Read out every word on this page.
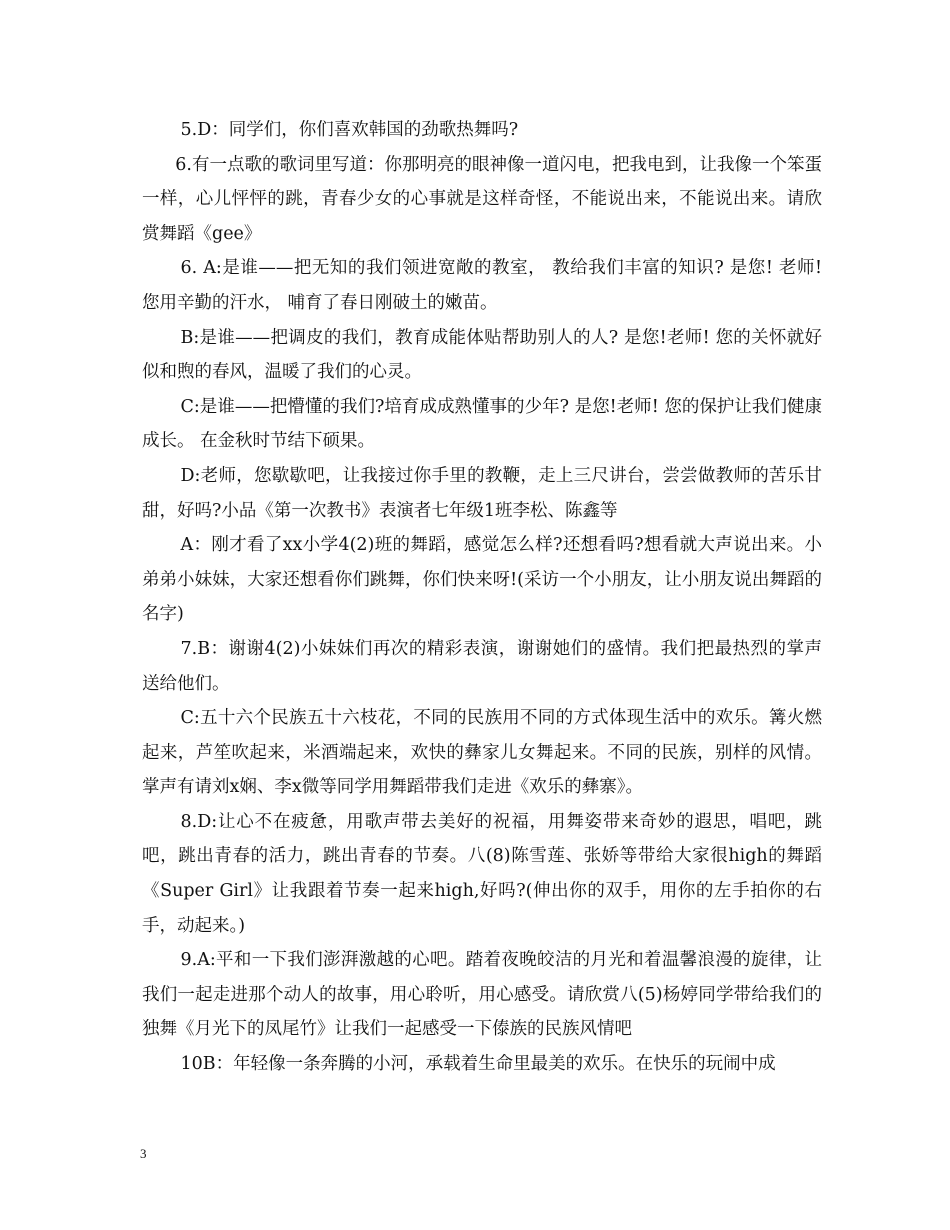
5.D：同学们，你们喜欢韩国的劲歌热舞吗?

6.有一点歌的歌词里写道：你那明亮的眼神像一道闪电，把我电到，让我像一个笨蛋一样，心儿怦怦的跳，青春少女的心事就是这样奇怪，不能说出来，不能说出来。请欣赏舞蹈《gee》

6. A:是谁——把无知的我们领进宽敞的教室， 教给我们丰富的知识? 是您! 老师! 您用辛勤的汗水， 哺育了春日刚破土的嫩苗。

B:是谁——把调皮的我们，教育成能体贴帮助别人的人? 是您!老师! 您的关怀就好似和煦的春风，温暖了我们的心灵。

C:是谁——把懵懂的我们?培育成成熟懂事的少年? 是您!老师! 您的保护让我们健康成长。 在金秋时节结下硕果。

D:老师，您歇歇吧，让我接过你手里的教鞭，走上三尺讲台，尝尝做教师的苦乐甘甜，好吗?小品《第一次教书》表演者七年级1班李松、陈鑫等

A：刚才看了xx小学4(2)班的舞蹈，感觉怎么样?还想看吗?想看就大声说出来。小弟弟小妹妹，大家还想看你们跳舞，你们快来呀!(采访一个小朋友，让小朋友说出舞蹈的名字)

7.B：谢谢4(2)小妹妹们再次的精彩表演，谢谢她们的盛情。我们把最热烈的掌声送给他们。

C:五十六个民族五十六枝花，不同的民族用不同的方式体现生活中的欢乐。篝火燃起来，芦笙吹起来，米酒端起来，欢快的彝家儿女舞起来。不同的民族，别样的风情。掌声有请刘x娴、李x微等同学用舞蹈带我们走进《欢乐的彝寨》。

8.D:让心不在疲惫，用歌声带去美好的祝福，用舞姿带来奇妙的遐思，唱吧，跳吧，跳出青春的活力，跳出青春的节奏。八(8)陈雪莲、张娇等带给大家很high的舞蹈《Super Girl》让我跟着节奏一起来high,好吗?(伸出你的双手，用你的左手拍你的右手，动起来。)

9.A:平和一下我们澎湃激越的心吧。踏着夜晚皎洁的月光和着温馨浪漫的旋律，让我们一起走进那个动人的故事，用心聆听，用心感受。请欣赏八(5)杨婷同学带给我们的独舞《月光下的凤尾竹》让我们一起感受一下傣族的民族风情吧

10B：年轻像一条奔腾的小河，承载着生命里最美的欢乐。在快乐的玩闹中成

3
